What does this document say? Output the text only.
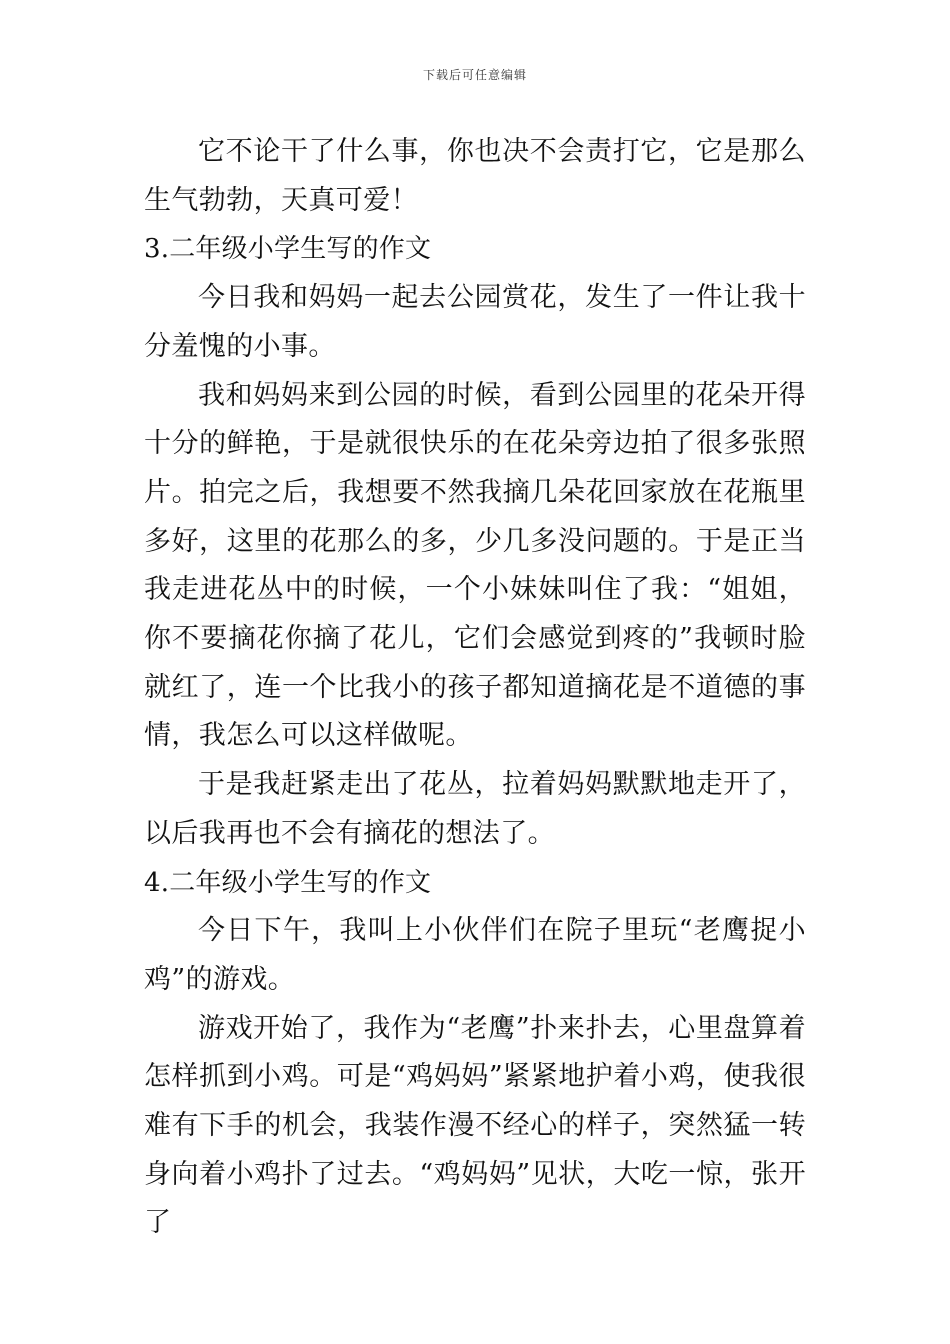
下载后可任意编辑

它不论干了什么事，你也决不会责打它，它是那么生气勃勃，天真可爱！

3.二年级小学生写的作文

今日我和妈妈一起去公园赏花，发生了一件让我十分羞愧的小事。

我和妈妈来到公园的时候，看到公园里的花朵开得十分的鲜艳，于是就很快乐的在花朵旁边拍了很多张照片。拍完之后，我想要不然我摘几朵花回家放在花瓶里多好，这里的花那么的多，少几多没问题的。于是正当我走进花丛中的时候，一个小妹妹叫住了我：“姐姐，你不要摘花你摘了花儿，它们会感觉到疼的”我顿时脸就红了，连一个比我小的孩子都知道摘花是不道德的事情，我怎么可以这样做呢。

于是我赶紧走出了花丛，拉着妈妈默默地走开了，以后我再也不会有摘花的想法了。

4.二年级小学生写的作文

今日下午，我叫上小伙伴们在院子里玩“老鹰捉小鸡”的游戏。

游戏开始了，我作为“老鹰”扑来扑去，心里盘算着怎样抓到小鸡。可是“鸡妈妈”紧紧地护着小鸡，使我很难有下手的机会，我装作漫不经心的样子，突然猛一转身向着小鸡扑了过去。“鸡妈妈”见状，大吃一惊，张开了
